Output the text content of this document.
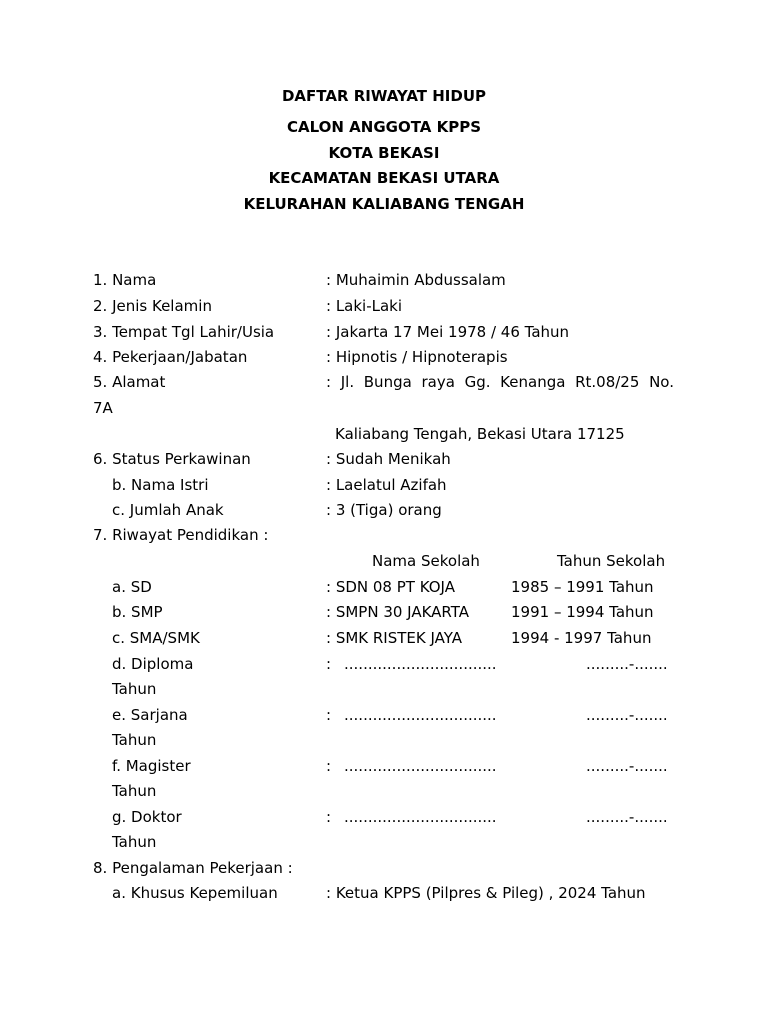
DAFTAR RIWAYAT HIDUP
CALON ANGGOTA KPPS
KOTA BEKASI
KECAMATAN BEKASI UTARA
KELURAHAN KALIABANG TENGAH
1. Nama	: Muhaimin Abdussalam
2. Jenis Kelamin	: Laki-Laki
3. Tempat Tgl Lahir/Usia	: Jakarta 17 Mei 1978 / 46 Tahun
4. Pekerjaan/Jabatan	: Hipnotis / Hipnoterapis
5. Alamat	: Jl. Bunga raya Gg. Kenanga Rt.08/25 No.
7A
Kaliabang Tengah, Bekasi Utara 17125
6. Status Perkawinan	: Sudah Menikah
b. Nama Istri	: Laelatul Azifah
c. Jumlah Anak	: 3 (Tiga) orang
7. Riwayat Pendidikan :
Nama Sekolah	Tahun Sekolah
a. SD	: SDN 08 PT KOJA	1985 – 1991 Tahun
b. SMP	: SMPN 30 JAKARTA	1991 – 1994 Tahun
c. SMA/SMK	: SMK RISTEK JAYA	1994 - 1997 Tahun
d. Diploma	: ................................	.........-.......
Tahun
e. Sarjana	: ................................	.........-.......
Tahun
f. Magister	: ................................	.........-.......
Tahun
g. Doktor	: ................................	.........-.......
Tahun
8. Pengalaman Pekerjaan :
a. Khusus Kepemiluan	: Ketua KPPS (Pilpres & Pileg) , 2024 Tahun
